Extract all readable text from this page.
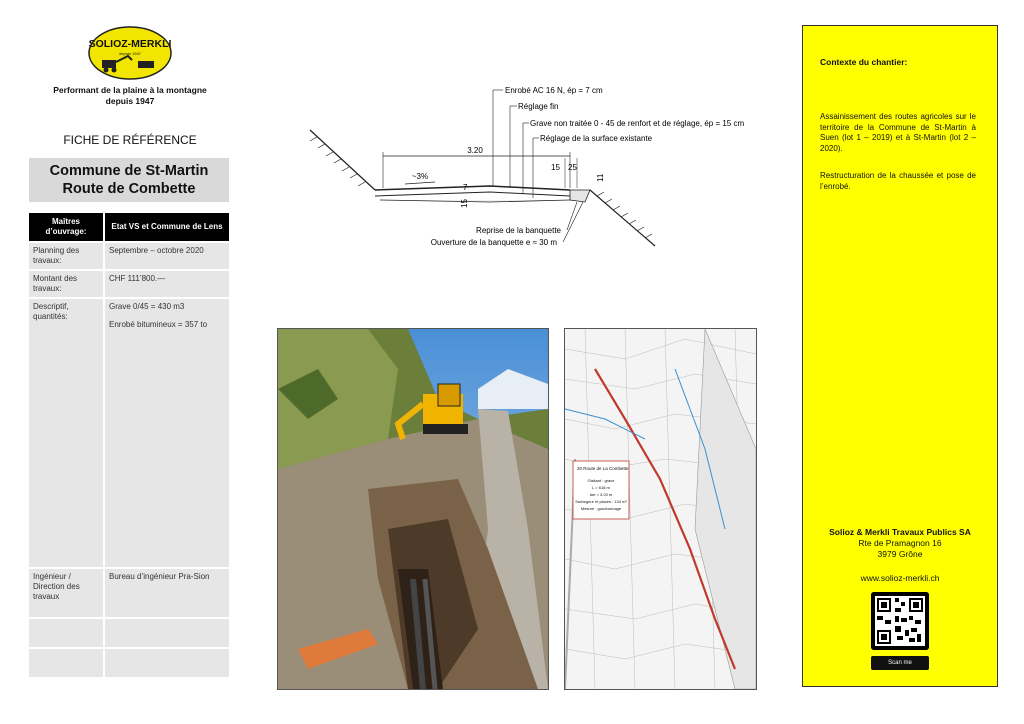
SOLIOZ-MERKLI
depuis 1947
Performant de la plaine à la montagne
depuis 1947
FICHE DE RÉFÉRENCE
Commune de St-Martin
Route de Combette
Maîtres d’ouvrage:	Etat VS et Commune de Lens
Planning des travaux:	Septembre – octobre 2020
Montant des travaux:	CHF 111’800.—
Descriptif, quantités:	Grave 0/45 = 430 m3

Enrobé bitumineux = 357 to

Ingénieur / Direction des travaux	Bureau d’ingénieur Pra-Sion

3.20
~3%
15 25
7
15
11
Enrobé AC 16 N, ép = 7 cm
Réglage fin
Grave non traitée 0 - 45 de renfort et de réglage, ép = 15 cm
Réglage de la surface existante
Reprise de la banquette
Ouverture de la banquette e ≈ 30 m
20 Route de La Combette
Gisitant : grave
L = 618 m
larr = 3.20 m
Surlargeur et places : 134 m²
Mesure : goudronnage
Contexte du chantier:
Assainissement des routes agricoles sur le territoire de la Commune de St-Martin à Suen (lot 1 – 2019) et à St-Martin (lot 2 – 2020).
Restructuration de la chaussée et pose de l’enrobé.
Solioz & Merkli Travaux Publics SA
Rte de Pramagnon 16
3979 Grône
www.solioz-merkli.ch
Scan me
